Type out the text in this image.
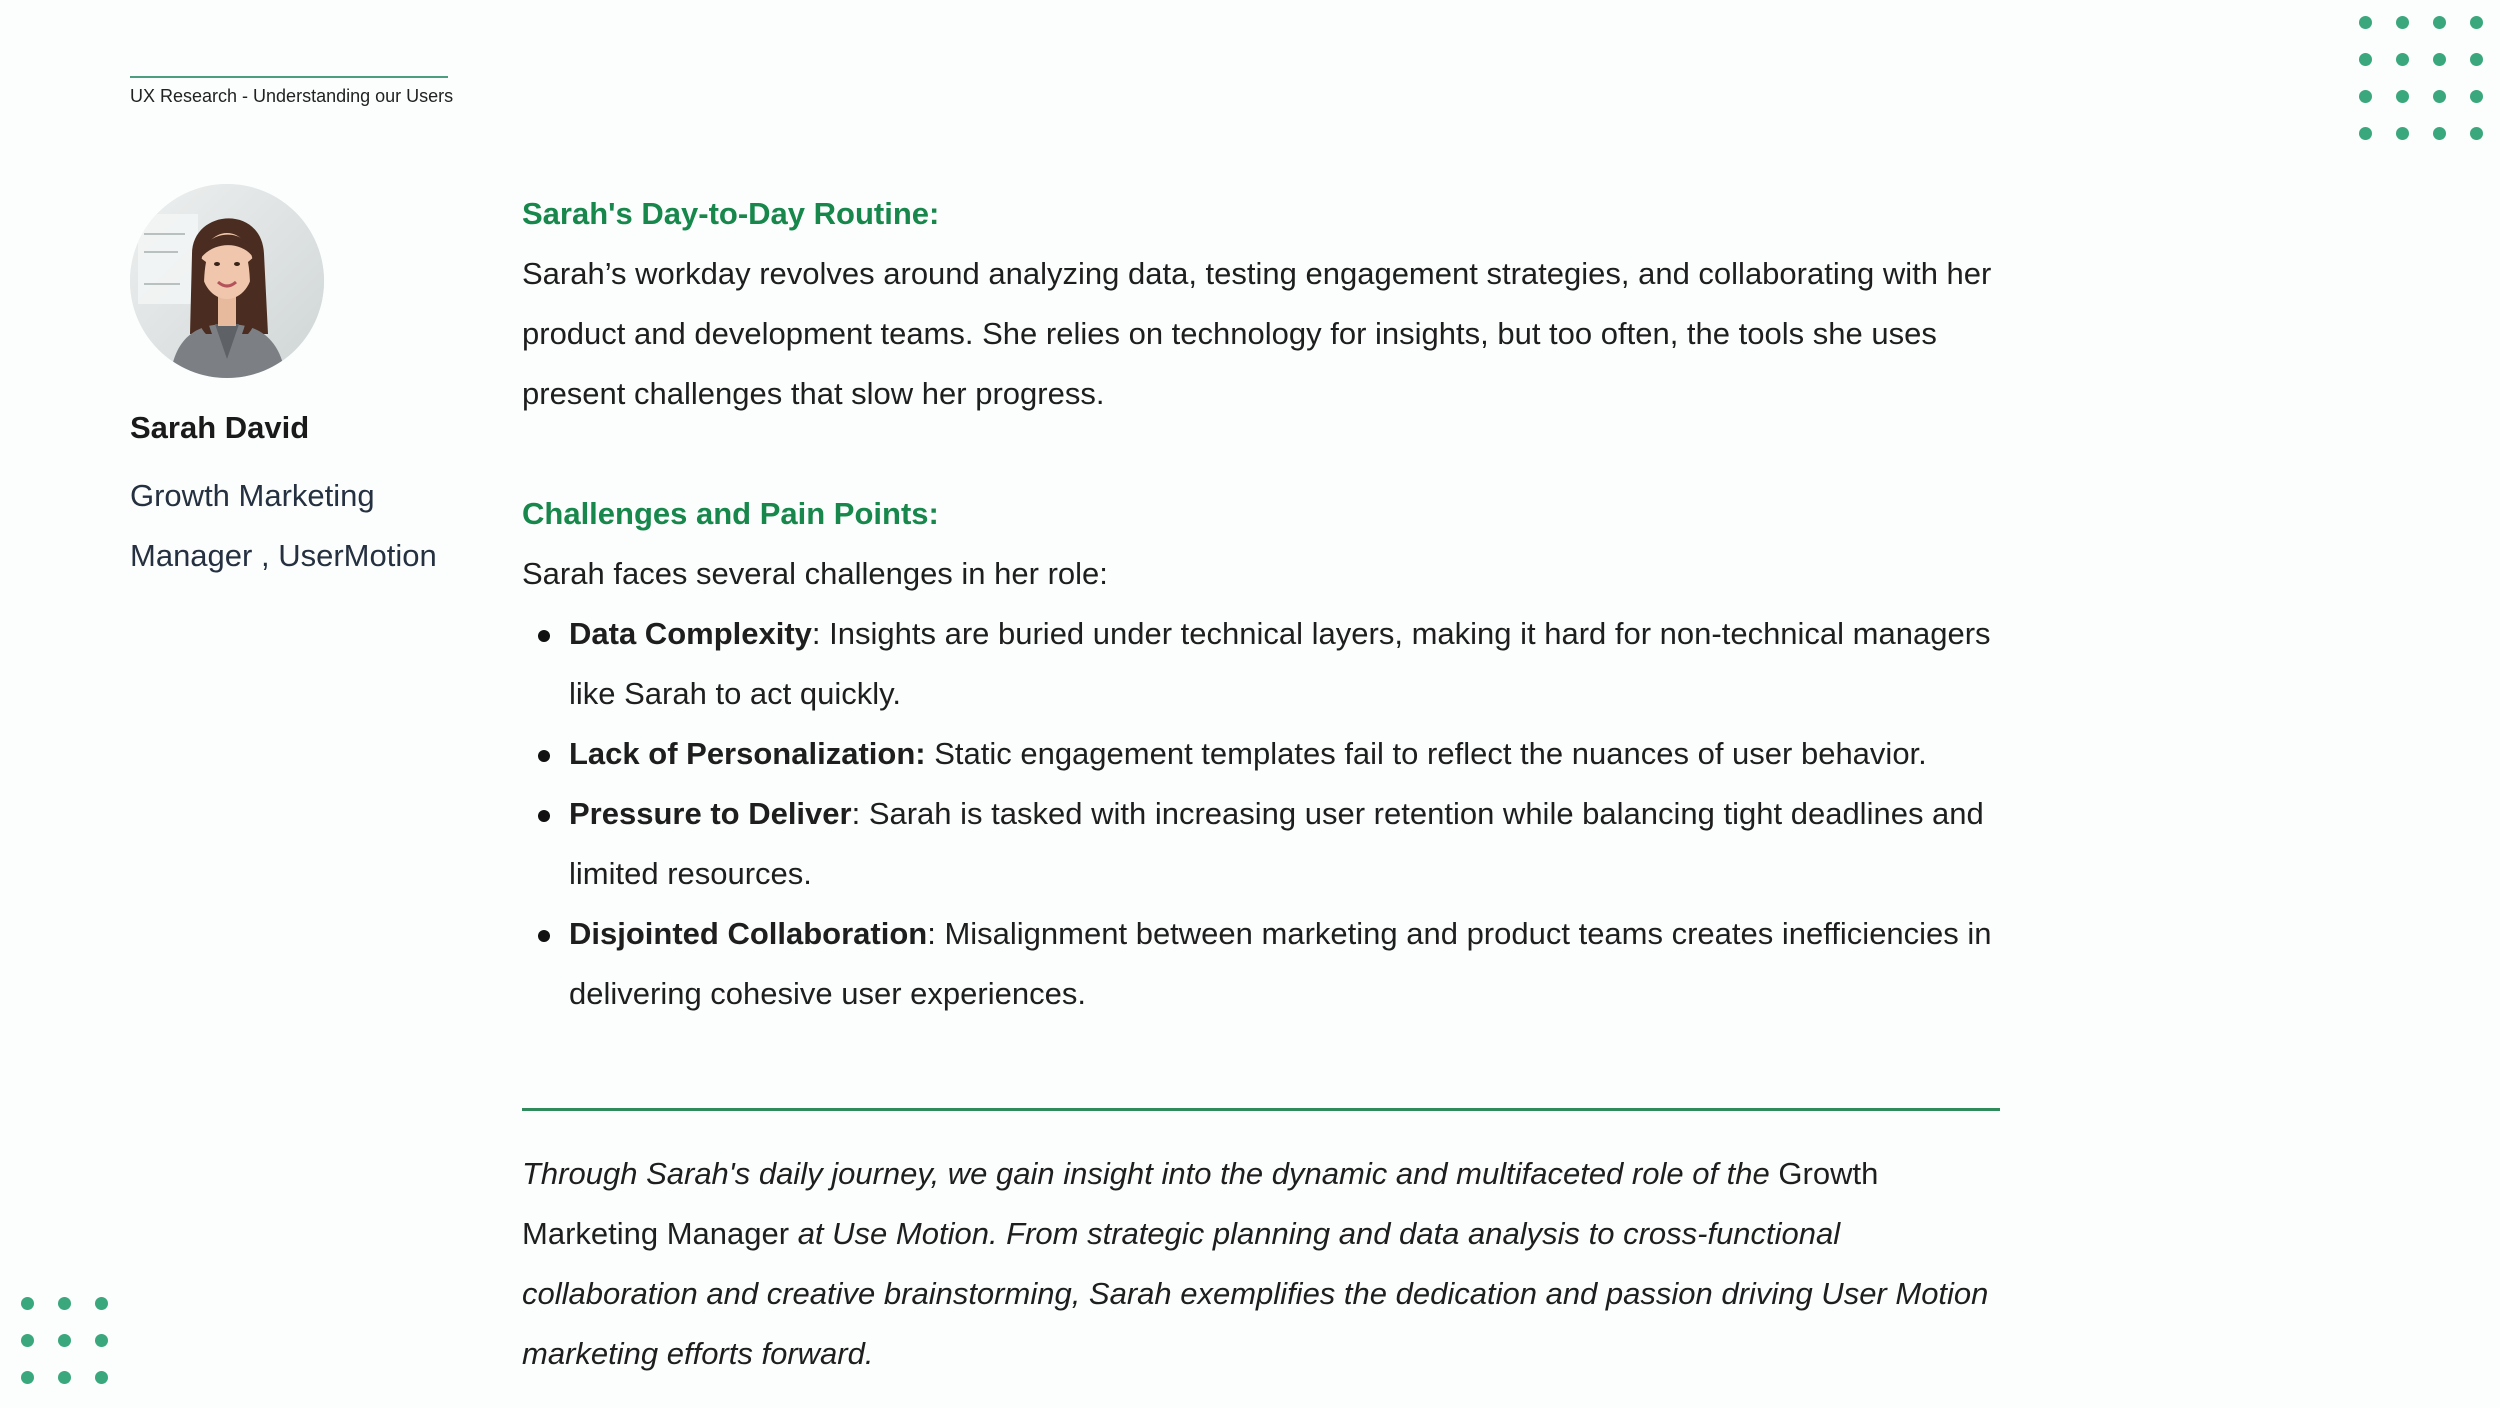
UX Research - Understanding our Users
Sarah David
Growth Marketing
Manager , UserMotion
Sarah's Day-to-Day Routine:

Sarah’s workday revolves around analyzing data, testing engagement strategies, and collaborating with her product and development teams. She relies on technology for insights, but too often, the tools she uses present challenges that slow her progress.

Challenges and Pain Points:

Sarah faces several challenges in her role:

Data Complexity: Insights are buried under technical layers, making it hard for non-technical managers like Sarah to act quickly.
Lack of Personalization: Static engagement templates fail to reflect the nuances of user behavior.
Pressure to Deliver: Sarah is tasked with increasing user retention while balancing tight deadlines and limited resources.
Disjointed Collaboration: Misalignment between marketing and product teams creates inefficiencies in delivering cohesive user experiences.
Through Sarah's daily journey, we gain insight into the dynamic and multifaceted role of the Growth Marketing Manager at Use Motion. From strategic planning and data analysis to cross-functional collaboration and creative brainstorming, Sarah exemplifies the dedication and passion driving User Motion marketing efforts forward.
